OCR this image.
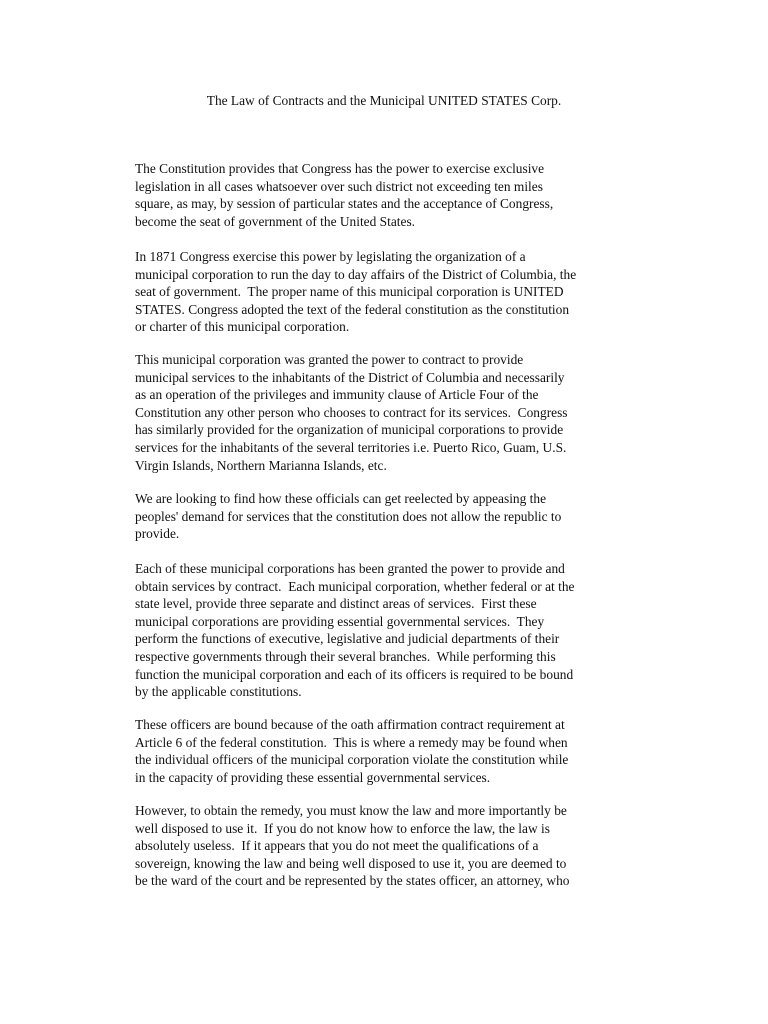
The Law of Contracts and the Municipal UNITED STATES Corp.

The Constitution provides that Congress has the power to exercise exclusive
legislation in all cases whatsoever over such district not exceeding ten miles
square, as may, by session of particular states and the acceptance of Congress,
become the seat of government of the United States.

In 1871 Congress exercise this power by legislating the organization of a
municipal corporation to run the day to day affairs of the District of Columbia, the
seat of government.  The proper name of this municipal corporation is UNITED
STATES. Congress adopted the text of the federal constitution as the constitution
or charter of this municipal corporation.

This municipal corporation was granted the power to contract to provide
municipal services to the inhabitants of the District of Columbia and necessarily
as an operation of the privileges and immunity clause of Article Four of the
Constitution any other person who chooses to contract for its services.  Congress
has similarly provided for the organization of municipal corporations to provide
services for the inhabitants of the several territories i.e. Puerto Rico, Guam, U.S.
Virgin Islands, Northern Marianna Islands, etc.

We are looking to find how these officials can get reelected by appeasing the
peoples' demand for services that the constitution does not allow the republic to
provide.

Each of these municipal corporations has been granted the power to provide and
obtain services by contract.  Each municipal corporation, whether federal or at the
state level, provide three separate and distinct areas of services.  First these
municipal corporations are providing essential governmental services.  They
perform the functions of executive, legislative and judicial departments of their
respective governments through their several branches.  While performing this
function the municipal corporation and each of its officers is required to be bound
by the applicable constitutions.

These officers are bound because of the oath affirmation contract requirement at
Article 6 of the federal constitution.  This is where a remedy may be found when
the individual officers of the municipal corporation violate the constitution while
in the capacity of providing these essential governmental services.

However, to obtain the remedy, you must know the law and more importantly be
well disposed to use it.  If you do not know how to enforce the law, the law is
absolutely useless.  If it appears that you do not meet the qualifications of a
sovereign, knowing the law and being well disposed to use it, you are deemed to
be the ward of the court and be represented by the states officer, an attorney, who
